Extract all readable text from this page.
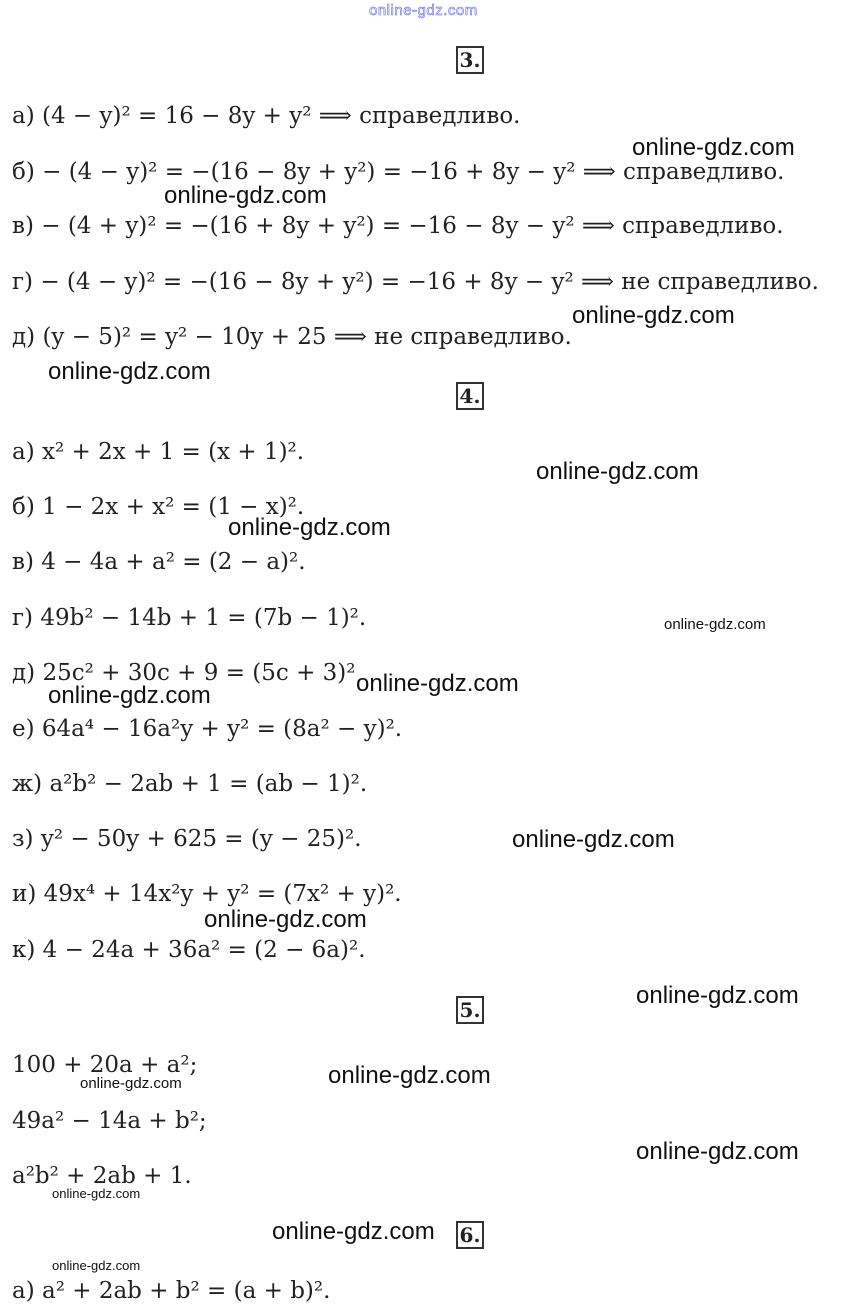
online-gdz.com
3.
а) (4 − y)² = 16 − 8y + y² ⟹ справедливо.
б) − (4 − y)² = −(16 − 8y + y²) = −16 + 8y − y² ⟹ справедливо.
в) − (4 + y)² = −(16 + 8y + y²) = −16 − 8y − y² ⟹ справедливо.
г) − (4 − y)² = −(16 − 8y + y²) = −16 + 8y − y² ⟹ не справедливо.
д) (y − 5)² = y² − 10y + 25 ⟹ не справедливо.
4.
а) x² + 2x + 1 = (x + 1)².
б) 1 − 2x + x² = (1 − x)².
в) 4 − 4a + a² = (2 − a)².
г) 49b² − 14b + 1 = (7b − 1)².
д) 25c² + 30c + 9 = (5c + 3)²
е) 64a⁴ − 16a²y + y² = (8a² − y)².
ж) a²b² − 2ab + 1 = (ab − 1)².
з) y² − 50y + 625 = (y − 25)².
и) 49x⁴ + 14x²y + y² = (7x² + y)².
к) 4 − 24a + 36a² = (2 − 6a)².
5.
100 + 20a + a²;
49a² − 14a + b²;
a²b² + 2ab + 1.
6.
а) a² + 2ab + b² = (a + b)².
online-gdz.com
online-gdz.com
online-gdz.com
online-gdz.com
online-gdz.com
online-gdz.com
online-gdz.com
online-gdz.com
online-gdz.com
online-gdz.com
online-gdz.com
online-gdz.com
online-gdz.com
online-gdz.com
online-gdz.com
online-gdz.com
online-gdz.com
online-gdz.com
